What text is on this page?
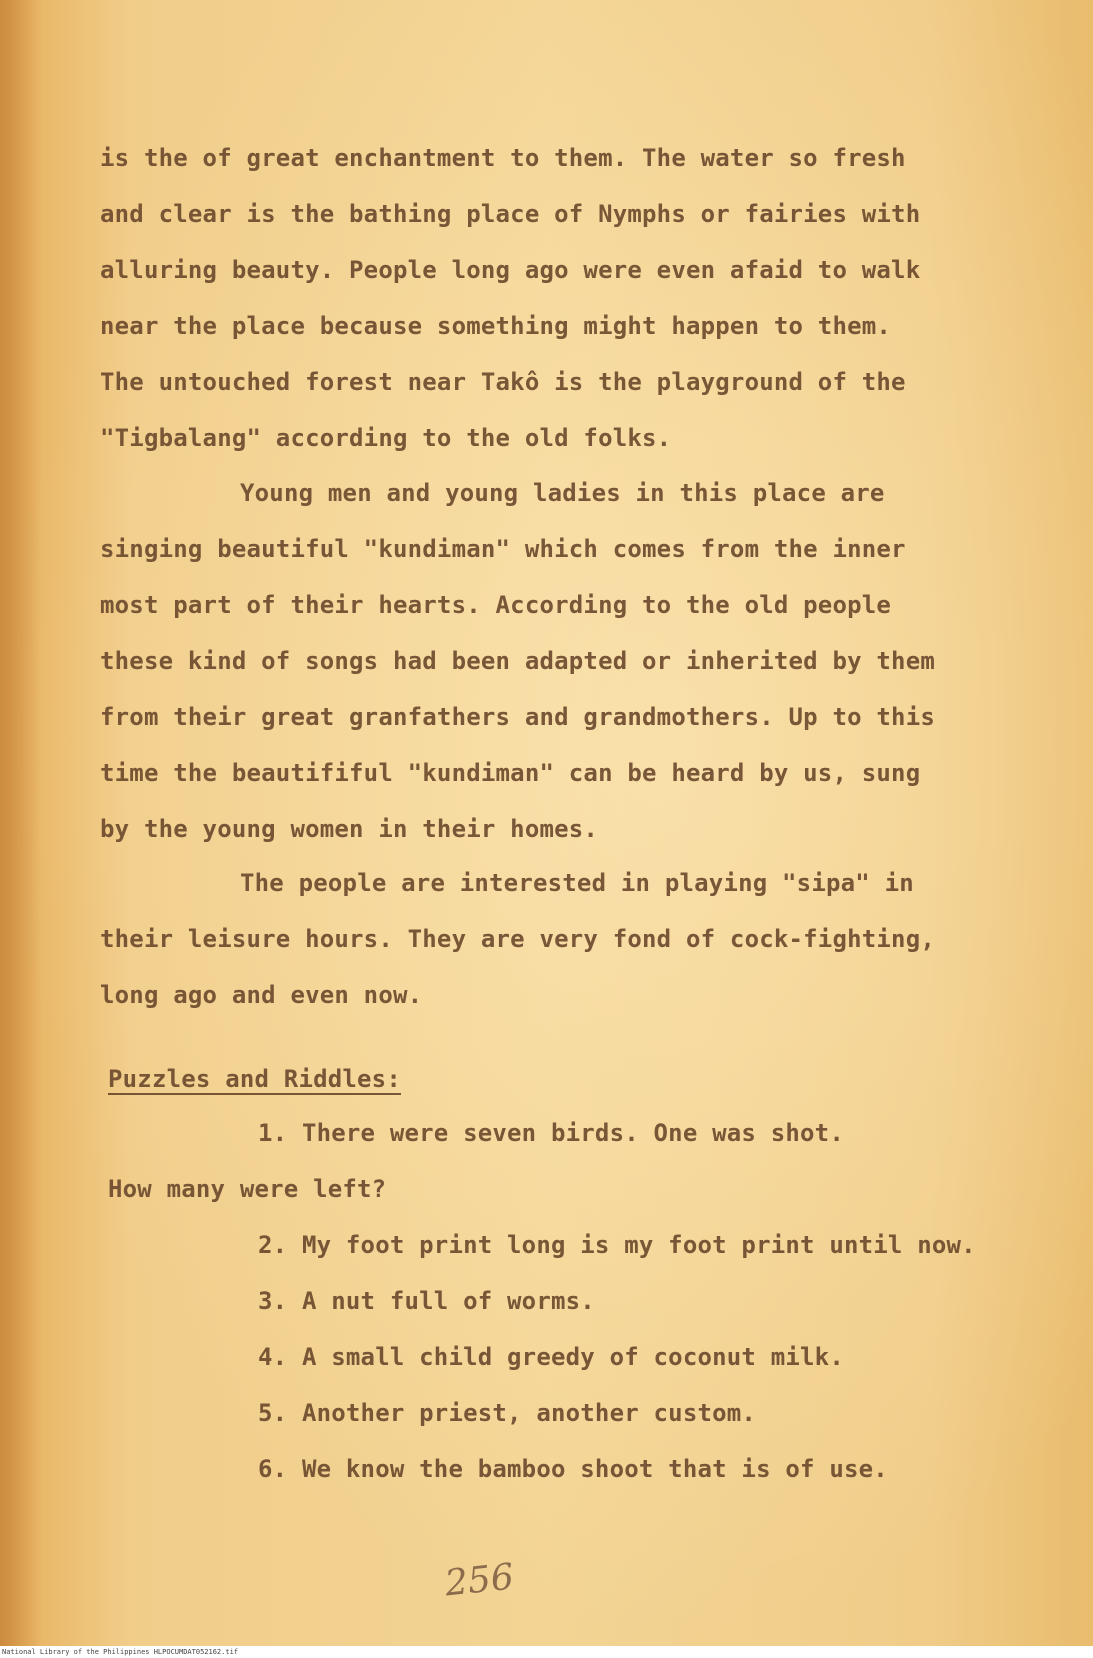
is the of great enchantment to them. The water so fresh

and clear is the bathing place of Nymphs or fairies with

alluring beauty. People long ago were even afaid to walk

near the place because something might happen to them.

The untouched forest near Takô is the playground of the

"Tigbalang" according to the old folks.

Young men and young ladies in this place are

singing beautiful "kundiman" which comes from the inner

most part of their hearts. According to the old people

these kind of songs had been adapted or inherited by them

from their great granfathers and grandmothers. Up to this

time the beautififul "kundiman" can be heard by us, sung

by the young women in their homes.

The people are interested in playing "sipa" in

their leisure hours. They are very fond of cock-fighting,

long ago and even now.

Puzzles and Riddles:

1. There were seven birds. One was shot.

How many were left?

2. My foot print long is my foot print until now.

3. A nut full of worms.

4. A small child greedy of coconut milk.

5. Another priest, another custom.

6. We know the bamboo shoot that is of use.

256
National Library of the Philippines HLPOCUMDAT052162.tif
